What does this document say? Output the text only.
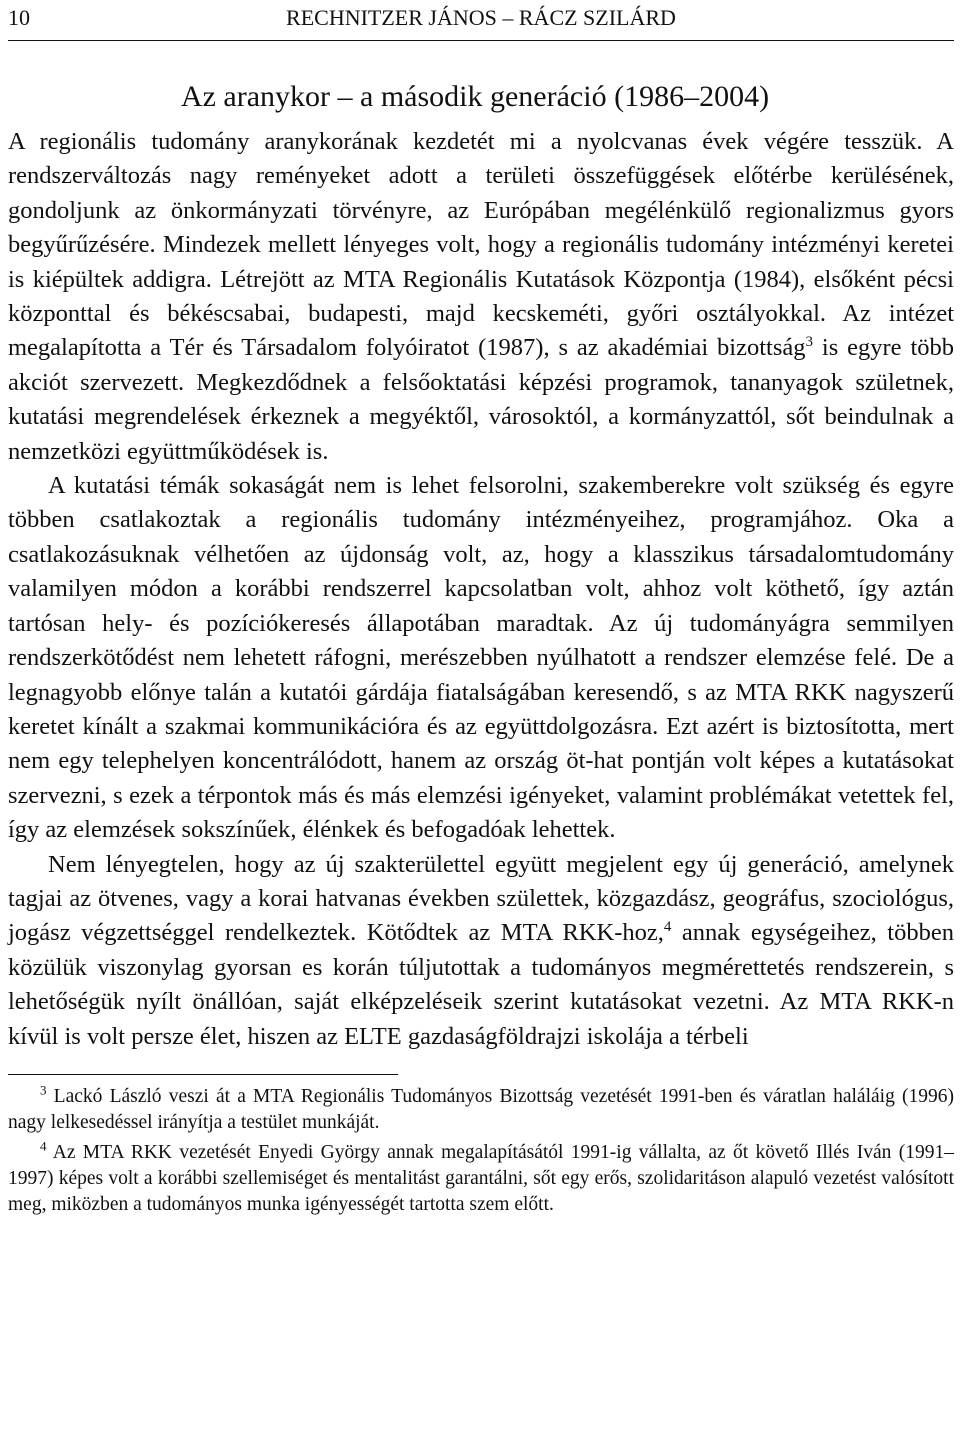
10	RECHNITZER JÁNOS – RÁCZ SZILÁRD
Az aranykor – a második generáció (1986–2004)

A regionális tudomány aranykorának kezdetét mi a nyolcvanas évek végére tesszük. A rendszerváltozás nagy reményeket adott a területi összefüggések előtérbe kerülésének, gondoljunk az önkormányzati törvényre, az Európában megélénkülő regionalizmus gyors begyűrűzésére. Mindezek mellett lényeges volt, hogy a regionális tudomány intézményi keretei is kiépültek addigra. Létrejött az MTA Regionális Kutatások Központja (1984), elsőként pécsi központtal és békéscsabai, budapesti, majd kecskeméti, győri osztályokkal. Az intézet megalapította a Tér és Társadalom folyóiratot (1987), s az akadémiai bizottság$^3$ is egyre több akciót szervezett. Megkezdődnek a felsőoktatási képzési programok, tananyagok születnek, kutatási megrendelések érkeznek a megyéktől, városoktól, a kormányzattól, sőt beindulnak a nemzetközi együttműködések is.

A kutatási témák sokaságát nem is lehet felsorolni, szakemberekre volt szükség és egyre többen csatlakoztak a regionális tudomány intézményeihez, programjához. Oka a csatlakozásuknak vélhetően az újdonság volt, az, hogy a klasszikus társadalomtudomány valamilyen módon a korábbi rendszerrel kapcsolatban volt, ahhoz volt köthető, így aztán tartósan hely- és pozíciókeresés állapotában maradtak. Az új tudományágra semmilyen rendszerkötődést nem lehetett ráfogni, merészebben nyúlhatott a rendszer elemzése felé. De a legnagyobb előnye talán a kutatói gárdája fiatalságában keresendő, s az MTA RKK nagyszerű keretet kínált a szakmai kommunikációra és az együttdolgozásra. Ezt azért is biztosította, mert nem egy telephelyen koncentrálódott, hanem az ország öt-hat pontján volt képes a kutatásokat szervezni, s ezek a térpontok más és más elemzési igényeket, valamint problémákat vetettek fel, így az elemzések sokszínűek, élénkek és befogadóak lehettek.

Nem lényegtelen, hogy az új szakterülettel együtt megjelent egy új generáció, amelynek tagjai az ötvenes, vagy a korai hatvanas években születtek, közgazdász, geográfus, szociológus, jogász végzettséggel rendelkeztek. Kötődtek az MTA RKK-hoz,$^4$ annak egységeihez, többen közülük viszonylag gyorsan es korán túljutottak a tudományos megmérettetés rendszerein, s lehetőségük nyílt önállóan, saját elképzeléseik szerint kutatásokat vezetni. Az MTA RKK-n kívül is volt persze élet, hiszen az ELTE gazdaságföldrajzi iskolája a térbeli

$^3$ Lackó László veszi át a MTA Regionális Tudományos Bizottság vezetését 1991-ben és váratlan haláláig (1996) nagy lelkesedéssel irányítja a testület munkáját.

$^4$ Az MTA RKK vezetését Enyedi György annak megalapításától 1991-ig vállalta, az őt követő Illés Iván (1991–1997) képes volt a korábbi szellemiséget és mentalitást garantálni, sőt egy erős, szolidaritáson alapuló vezetést valósított meg, miközben a tudományos munka igényességét tartotta szem előtt.
